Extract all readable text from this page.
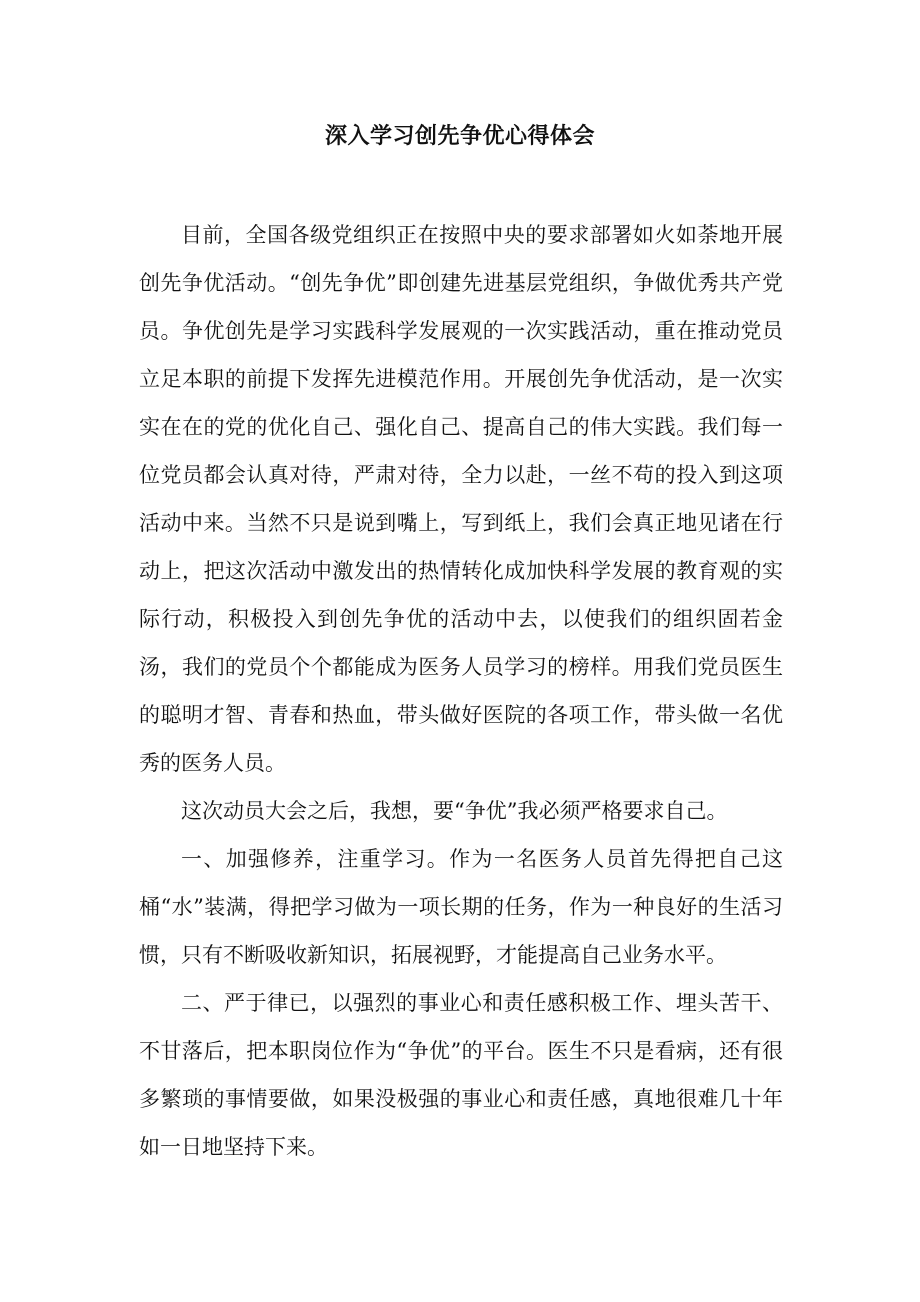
深入学习创先争优心得体会

目前，全国各级党组织正在按照中央的要求部署如火如荼地开展创先争优活动。“创先争优”即创建先进基层党组织，争做优秀共产党员。争优创先是学习实践科学发展观的一次实践活动，重在推动党员立足本职的前提下发挥先进模范作用。开展创先争优活动，是一次实实在在的党的优化自己、强化自己、提高自己的伟大实践。我们每一位党员都会认真对待，严肃对待，全力以赴，一丝不苟的投入到这项活动中来。当然不只是说到嘴上，写到纸上，我们会真正地见诸在行动上，把这次活动中激发出的热情转化成加快科学发展的教育观的实际行动，积极投入到创先争优的活动中去，以使我们的组织固若金汤，我们的党员个个都能成为医务人员学习的榜样。用我们党员医生的聪明才智、青春和热血，带头做好医院的各项工作，带头做一名优秀的医务人员。

这次动员大会之后，我想，要“争优”我必须严格要求自己。

一、加强修养，注重学习。作为一名医务人员首先得把自己这桶“水”装满，得把学习做为一项长期的任务，作为一种良好的生活习惯，只有不断吸收新知识，拓展视野，才能提高自己业务水平。

二、严于律已，以强烈的事业心和责任感积极工作、埋头苦干、不甘落后，把本职岗位作为“争优”的平台。医生不只是看病，还有很多繁琐的事情要做，如果没极强的事业心和责任感，真地很难几十年如一日地坚持下来。
